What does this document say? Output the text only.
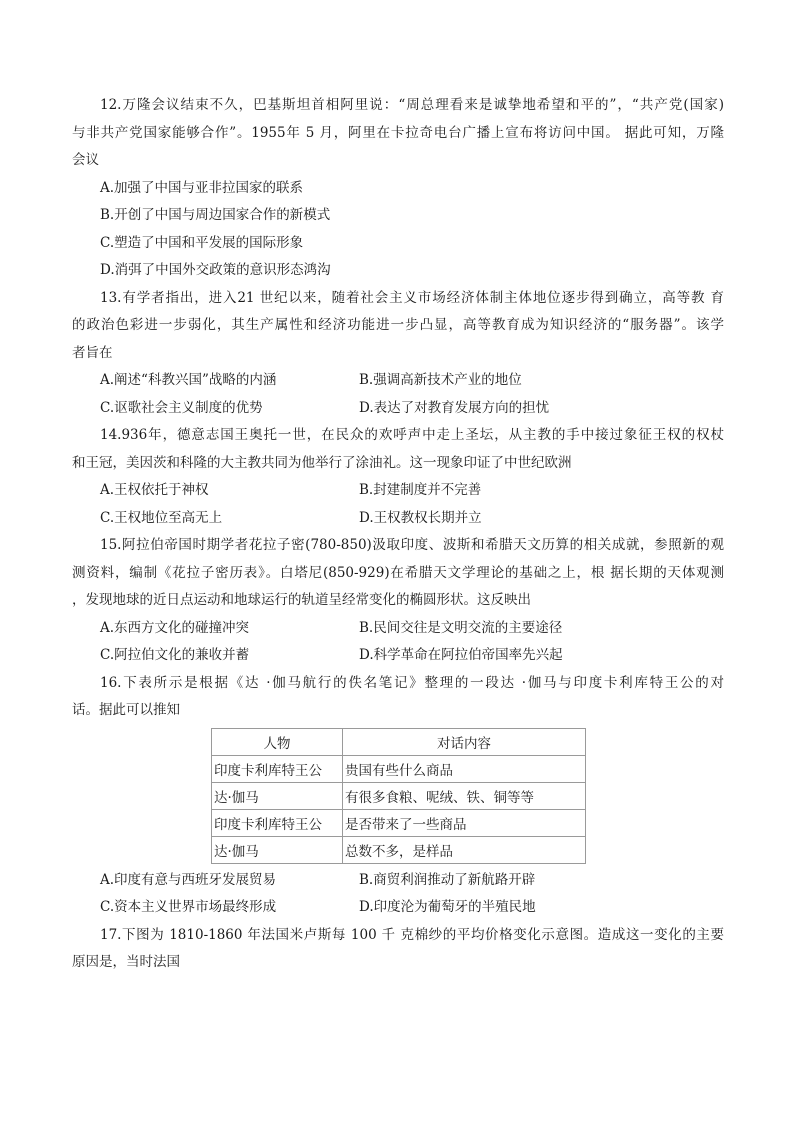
12.万隆会议结束不久，巴基斯坦首相阿里说：“周总理看来是诚挚地希望和平的”，“共产党(国家)
与非共产党国家能够合作”。1955年 5 月，阿里在卡拉奇电台广播上宣布将访问中国。 据此可知，万隆
会议
A.加强了中国与亚非拉国家的联系
B.开创了中国与周边国家合作的新模式
C.塑造了中国和平发展的国际形象
D.消弭了中国外交政策的意识形态鸿沟
13.有学者指出，进入21 世纪以来，随着社会主义市场经济体制主体地位逐步得到确立，高等教 育
的政治色彩进一步弱化，其生产属性和经济功能进一步凸显，高等教育成为知识经济的“服务器”。该学
者旨在
A.阐述“科教兴国”战略的内涵	B.强调高新技术产业的地位
C.讴歌社会主义制度的优势	D.表达了对教育发展方向的担忧
14.936年，德意志国王奥托一世，在民众的欢呼声中走上圣坛，从主教的手中接过象征王权的权杖
和王冠，美因茨和科隆的大主教共同为他举行了涂油礼。这一现象印证了中世纪欧洲
A.王权依托于神权	B.封建制度并不完善
C.王权地位至高无上	D.王权教权长期并立
15.阿拉伯帝国时期学者花拉子密(780-850)汲取印度、波斯和希腊天文历算的相关成就，参照新的观
测资料，编制《花拉子密历表》。白塔尼(850-929)在希腊天文学理论的基础之上，根 据长期的天体观测
，发现地球的近日点运动和地球运行的轨道呈经常变化的椭圆形状。这反映出
A.东西方文化的碰撞冲突	B.民间交往是文明交流的主要途径
C.阿拉伯文化的兼收并蓄	D.科学革命在阿拉伯帝国率先兴起
16.下表所示是根据《达 ·伽马航行的佚名笔记》整理的一段达 ·伽马与印度卡利库特王公的对
话。据此可以推知
人物	对话内容
印度卡利库特王公	贵国有些什么商品
达·伽马	有很多食粮、呢绒、铁、铜等等
印度卡利库特王公	是否带来了一些商品
达·伽马	总数不多，是样品
A.印度有意与西班牙发展贸易	B.商贸利润推动了新航路开辟
C.资本主义世界市场最终形成	D.印度沦为葡萄牙的半殖民地
17.下图为 1810-1860 年法国米卢斯每 100 千 克棉纱的平均价格变化示意图。造成这一变化的主要
原因是，当时法国
